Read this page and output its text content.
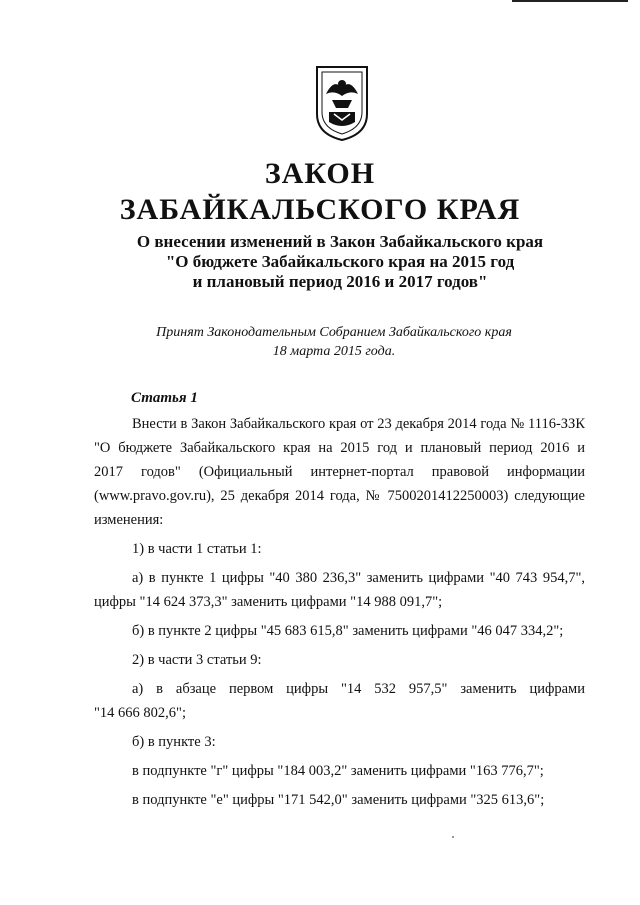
ЗАКОН
ЗАБАЙКАЛЬСКОГО КРАЯ
О внесении изменений в Закон Забайкальского края
"О бюджете Забайкальского края на 2015 год
и плановый период 2016 и 2017 годов"
Принят Законодательным Собранием Забайкальского края
18 марта 2015 года.
Статья 1
Внести в Закон Забайкальского края от 23 декабря 2014 года № 1116-ЗЗК
"О бюджете Забайкальского края на 2015 год и плановый период 2016 и
2017 годов" (Официальный интернет-портал правовой информации
(www.pravo.gov.ru), 25 декабря 2014 года, № 7500201412250003) следующие
изменения:
1) в части 1 статьи 1:
а) в пункте 1 цифры "40 380 236,3" заменить цифрами "40 743 954,7",
цифры "14 624 373,3" заменить цифрами "14 988 091,7";
б) в пункте 2 цифры "45 683 615,8" заменить цифрами "46 047 334,2";
2) в части 3 статьи 9:
а) в абзаце первом цифры "14 532 957,5" заменить цифрами
"14 666 802,6";
б) в пункте 3:
в подпункте "г" цифры "184 003,2" заменить цифрами "163 776,7";
в подпункте "е" цифры "171 542,0" заменить цифрами "325 613,6";
